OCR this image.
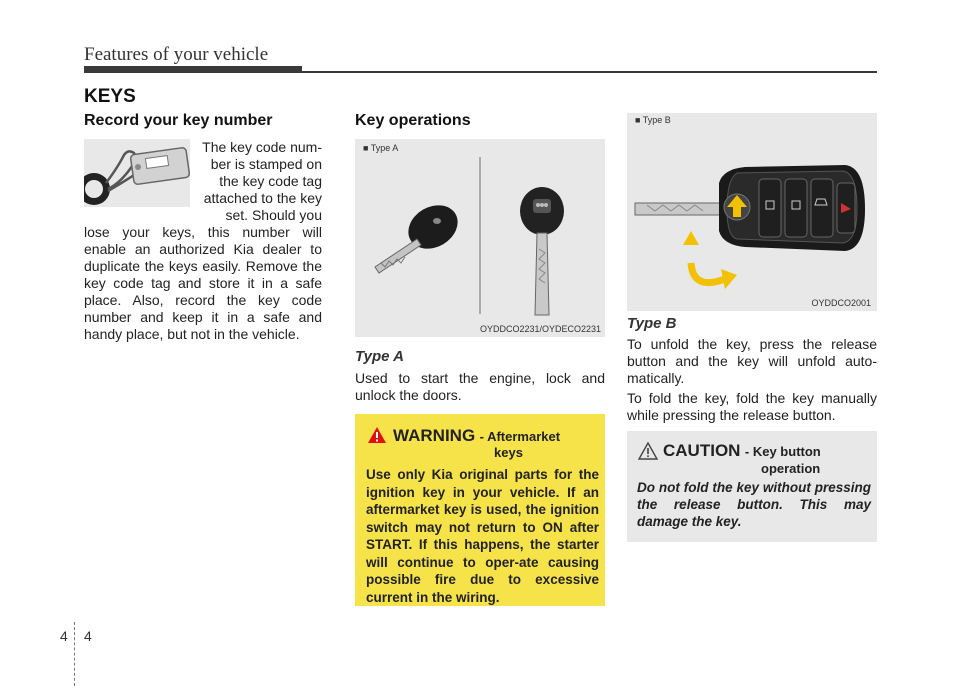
Features of your vehicle
KEYS
Record your key number
The key code num-
ber is stamped on
the key code tag
attached to the key
set. Should you
lose your keys, this number will enable an authorized Kia dealer to duplicate the keys easily. Remove the key code tag and store it in a safe place. Also, record the key code number and keep it in a safe and handy place, but not in the vehicle.
Key operations
■ Type A
OYDDCO2231/OYDECO2231
Type A
Used to start the engine, lock and unlock the doors.
WARNING - Aftermarket
keys
Use only Kia original parts for the ignition key in your vehicle. If an aftermarket key is used, the ignition switch may not return to ON after START. If this happens, the starter will continue to oper-ate causing possible fire due to excessive current in the wiring.
■ Type B
OYDDCO2001
Type B
To unfold the key, press the release button and the key will unfold auto-matically.
To fold the key, fold the key manually while pressing the release button.
CAUTION - Key button
operation
Do not fold the key without pressing the release button. This may damage the key.
4 4
